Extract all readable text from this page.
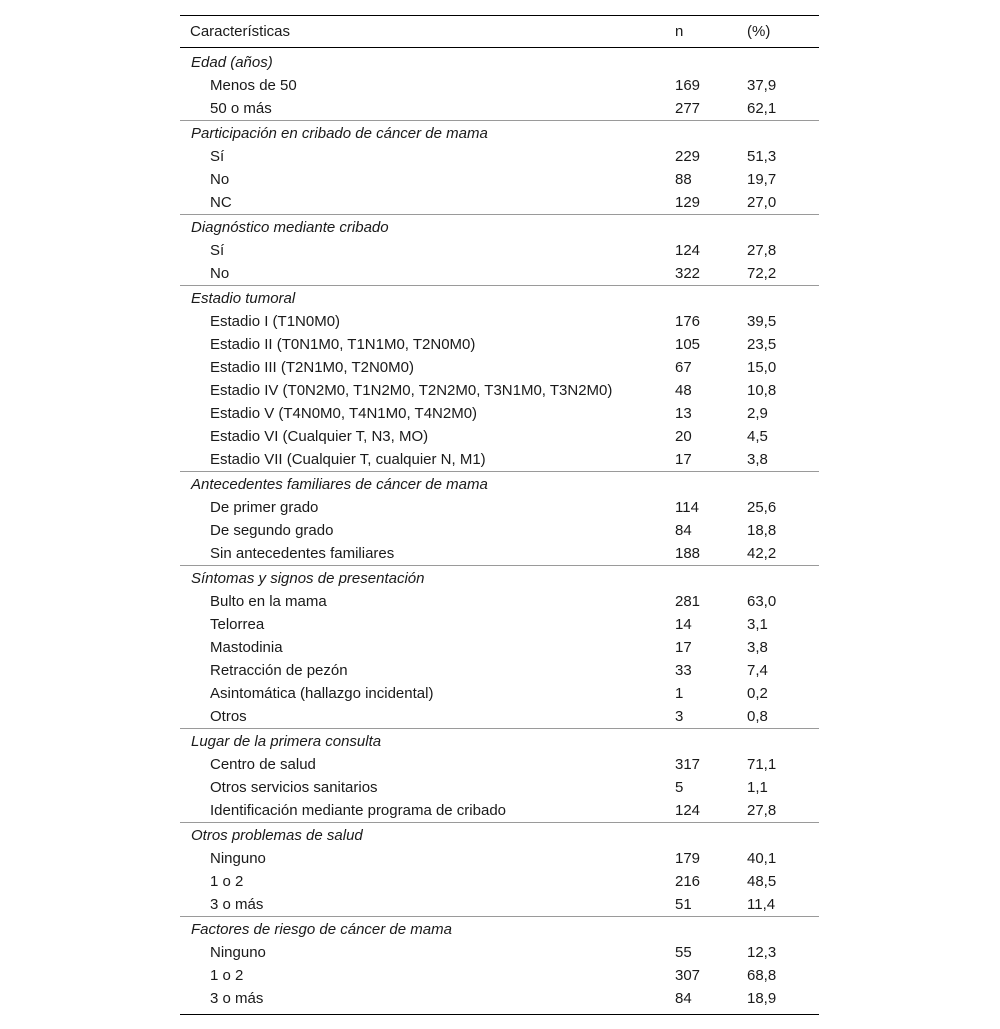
Características	n	(%)
Edad (años)		
Menos de 50	169	37,9
50 o más	277	62,1
Participación en cribado de cáncer de mama		
Sí	229	51,3
No	88	19,7
NC	129	27,0
Diagnóstico mediante cribado		
Sí	124	27,8
No	322	72,2
Estadio tumoral		
Estadio I (T1N0M0)	176	39,5
Estadio II (T0N1M0, T1N1M0, T2N0M0)	105	23,5
Estadio III (T2N1M0, T2N0M0)	67	15,0
Estadio IV (T0N2M0, T1N2M0, T2N2M0, T3N1M0, T3N2M0)	48	10,8
Estadio V (T4N0M0, T4N1M0, T4N2M0)	13	2,9
Estadio VI (Cualquier T, N3, MO)	20	4,5
Estadio VII (Cualquier T, cualquier N, M1)	17	3,8
Antecedentes familiares de cáncer de mama		
De primer grado	114	25,6
De segundo grado	84	18,8
Sin antecedentes familiares	188	42,2
Síntomas y signos de presentación		
Bulto en la mama	281	63,0
Telorrea	14	3,1
Mastodinia	17	3,8
Retracción de pezón	33	7,4
Asintomática (hallazgo incidental)	1	0,2
Otros	3	0,8
Lugar de la primera consulta		
Centro de salud	317	71,1
Otros servicios sanitarios	5	1,1
Identificación mediante programa de cribado	124	27,8
Otros problemas de salud		
Ninguno	179	40,1
1 o 2	216	48,5
3 o más	51	11,4
Factores de riesgo de cáncer de mama		
Ninguno	55	12,3
1 o 2	307	68,8
3 o más	84	18,9
